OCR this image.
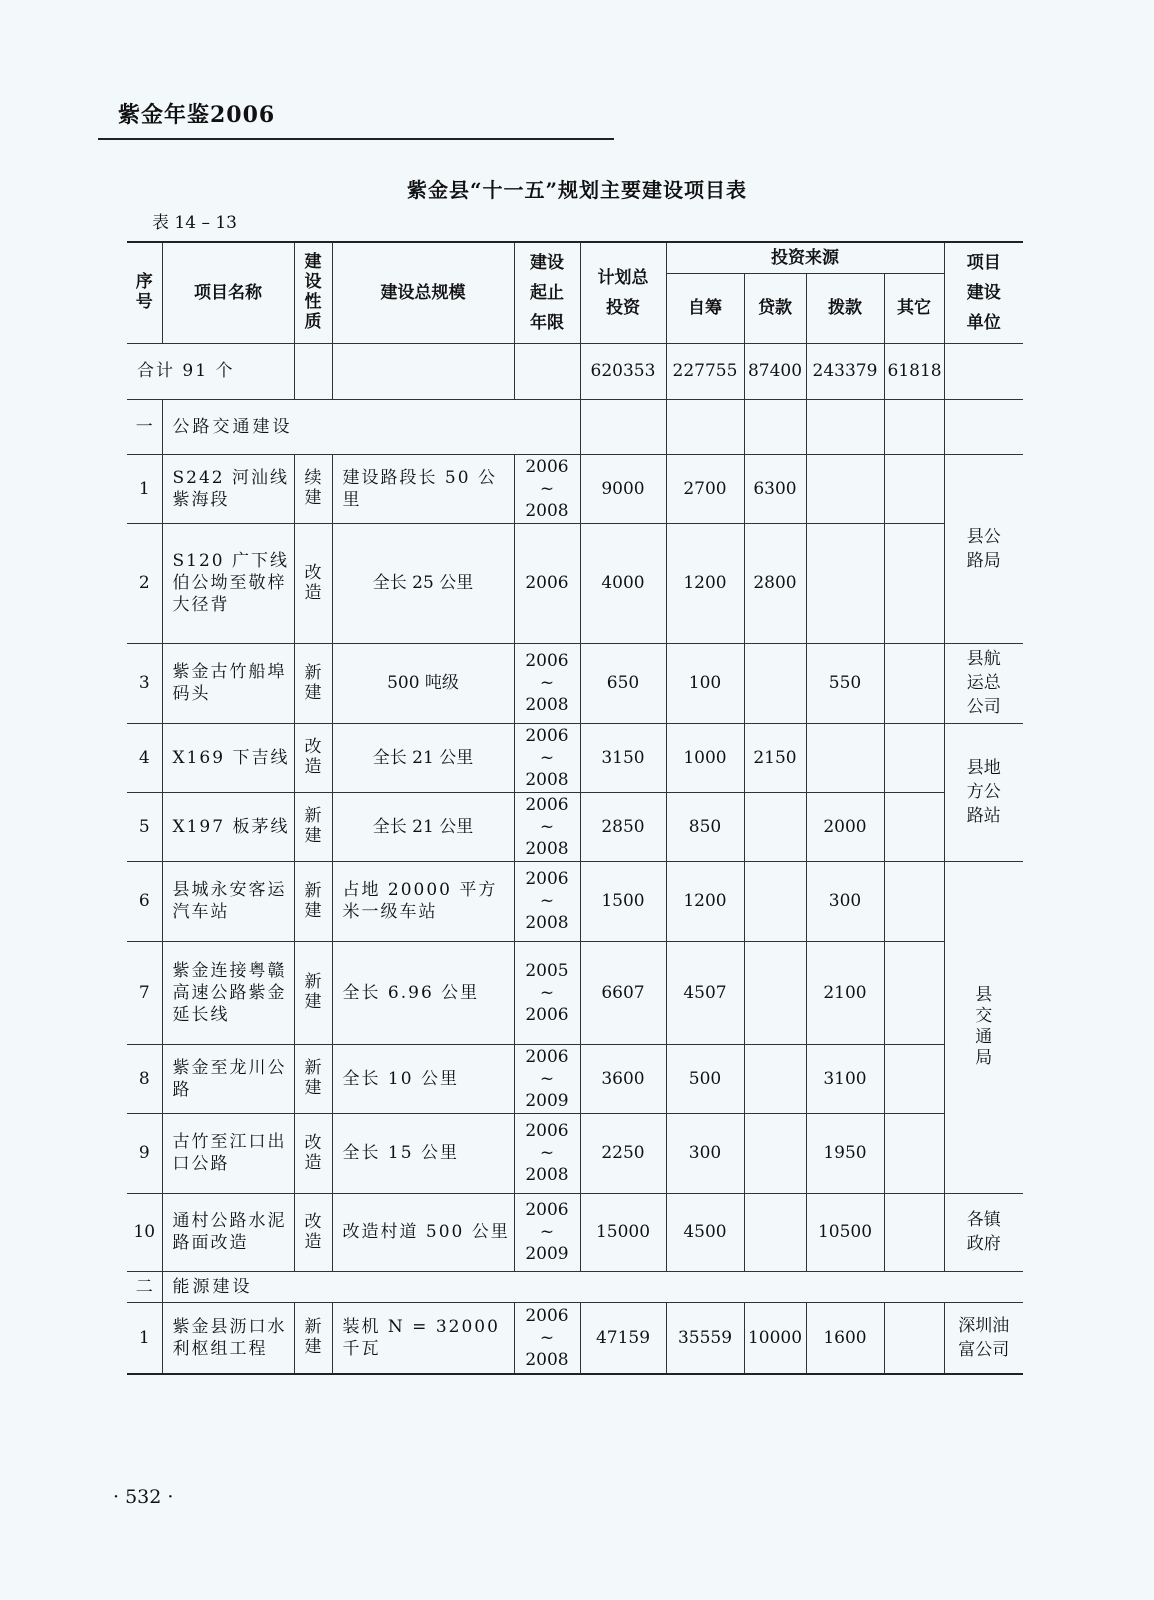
紫金年鉴2006
紫金县“十一五”规划主要建设项目表
表 14 – 13
序号	项目名称	建设性质	建设总规模	建设起止年限	计划总投资	投资来源				项目建设单位
						自筹	贷款	拨款	其它	
合计 91 个					620353	227755	87400	243379	61818	
一	公路交通建设									
1	S242 河汕线紫海段	续建	建设路段长 50 公里	2006 ~ 2008	9000	2700	6300			县公路局
2	S120 广下线伯公坳至敬梓大径背	改造	全长 25 公里	2006	4000	1200	2800			
3	紫金古竹船埠码头	新建	500 吨级	2006 ~ 2008	650	100		550		县航运总公司
4	X169 下吉线	改造	全长 21 公里	2006 ~ 2008	3150	1000	2150			县地方公路站
5	X197 板茅线	新建	全长 21 公里	2006 ~ 2008	2850	850		2000		
6	县城永安客运汽车站	新建	占地 20000 平方米一级车站	2006 ~ 2008	1500	1200		300		县交通局
7	紫金连接粤赣高速公路紫金延长线	新建	全长 6.96 公里	2005 ~ 2006	6607	4507		2100		
8	紫金至龙川公路	新建	全长 10 公里	2006 ~ 2009	3600	500		3100		
9	古竹至江口出口公路	改造	全长 15 公里	2006 ~ 2008	2250	300		1950		
10	通村公路水泥路面改造	改造	改造村道 500 公里	2006 ~ 2009	15000	4500		10500		各镇政府
二	能源建设									
1	紫金县沥口水利枢组工程	新建	装机 N = 32000 千瓦	2006 ~ 2008	47159	35559	10000	1600		深圳油富公司
· 532 ·
